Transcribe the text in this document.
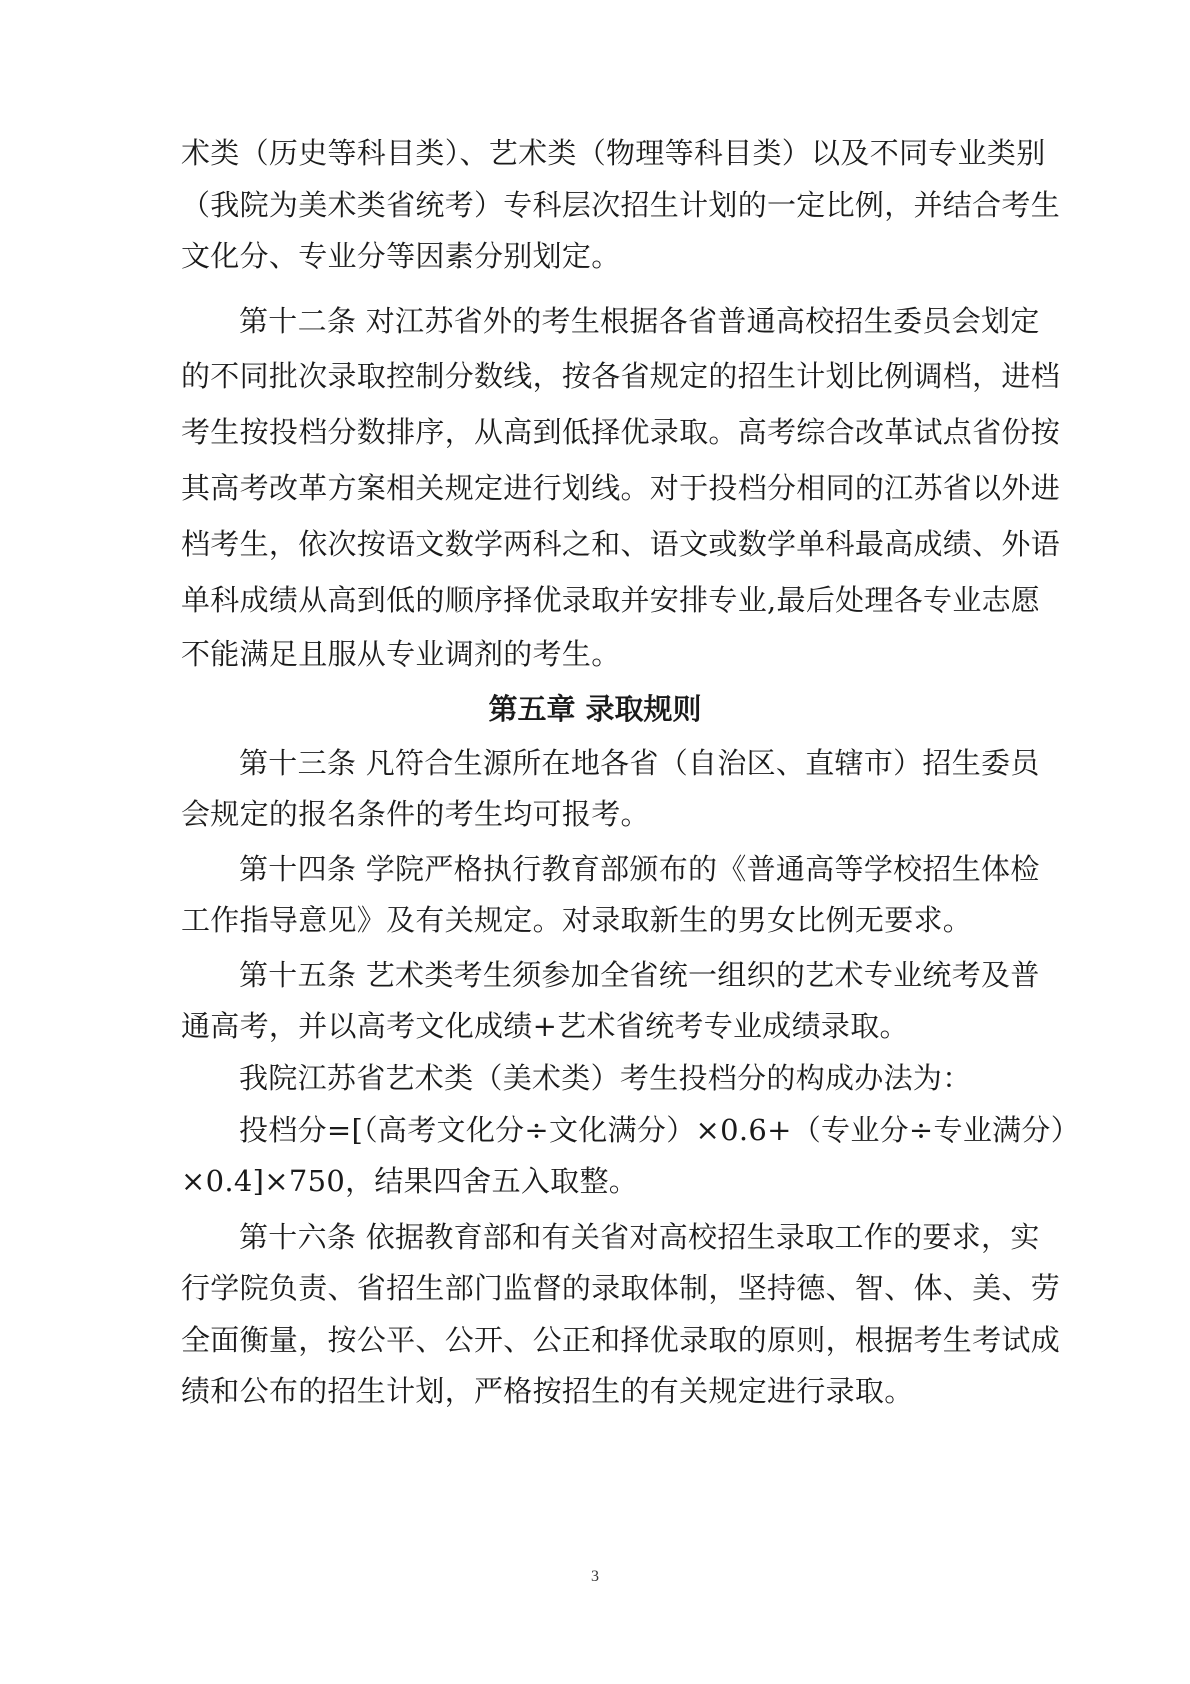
术类（历史等科目类）、艺术类（物理等科目类）以及不同专业类别
（我院为美术类省统考）专科层次招生计划的一定比例，并结合考生
文化分、专业分等因素分别划定。
第十二条 对江苏省外的考生根据各省普通高校招生委员会划定
的不同批次录取控制分数线，按各省规定的招生计划比例调档，进档
考生按投档分数排序，从高到低择优录取。高考综合改革试点省份按
其高考改革方案相关规定进行划线。对于投档分相同的江苏省以外进
档考生，依次按语文数学两科之和、语文或数学单科最高成绩、外语
单科成绩从高到低的顺序择优录取并安排专业,最后处理各专业志愿
不能满足且服从专业调剂的考生。
第五章 录取规则
第十三条 凡符合生源所在地各省（自治区、直辖市）招生委员
会规定的报名条件的考生均可报考。
第十四条 学院严格执行教育部颁布的《普通高等学校招生体检
工作指导意见》及有关规定。对录取新生的男女比例无要求。
第十五条 艺术类考生须参加全省统一组织的艺术专业统考及普
通高考，并以高考文化成绩+艺术省统考专业成绩录取。
我院江苏省艺术类（美术类）考生投档分的构成办法为：
投档分=[（高考文化分÷文化满分）×0.6+（专业分÷专业满分）
×0.4]×750，结果四舍五入取整。
第十六条 依据教育部和有关省对高校招生录取工作的要求，实
行学院负责、省招生部门监督的录取体制，坚持德、智、体、美、劳
全面衡量，按公平、公开、公正和择优录取的原则，根据考生考试成
绩和公布的招生计划，严格按招生的有关规定进行录取。
3
